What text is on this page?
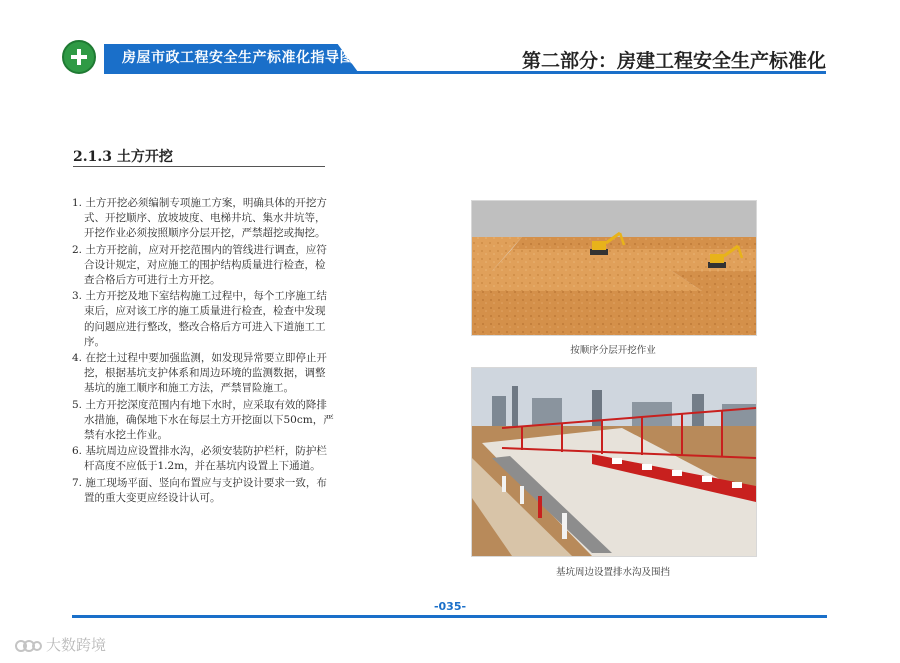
房屋市政工程安全生产标准化指导图册	第二部分：房建工程安全生产标准化
2.1.3 土方开挖
1. 土方开挖必须编制专项施工方案，明确具体的开挖方式、开挖顺序、放坡坡度、电梯井坑、集水井坑等，开挖作业必须按照顺序分层开挖，严禁超挖或掏挖。
2. 土方开挖前，应对开挖范围内的管线进行调查，应符合设计规定，对应施工的围护结构质量进行检查，检查合格后方可进行土方开挖。
3. 土方开挖及地下室结构施工过程中，每个工序施工结束后，应对该工序的施工质量进行检查，检查中发现的问题应进行整改，整改合格后方可进入下道施工工序。
4. 在挖土过程中要加强监测，如发现异常要立即停止开挖，根据基坑支护体系和周边环境的监测数据，调整基坑的施工顺序和施工方法，严禁冒险施工。
5. 土方开挖深度范围内有地下水时，应采取有效的降排水措施，确保地下水在每层土方开挖面以下50cm，严禁有水挖土作业。
6. 基坑周边应设置排水沟，必须安装防护栏杆，防护栏杆高度不应低于1.2m，并在基坑内设置上下通道。
7. 施工现场平面、竖向布置应与支护设计要求一致，布置的重大变更应经设计认可。
按顺序分层开挖作业
基坑周边设置排水沟及围挡
-035-
大数跨境
